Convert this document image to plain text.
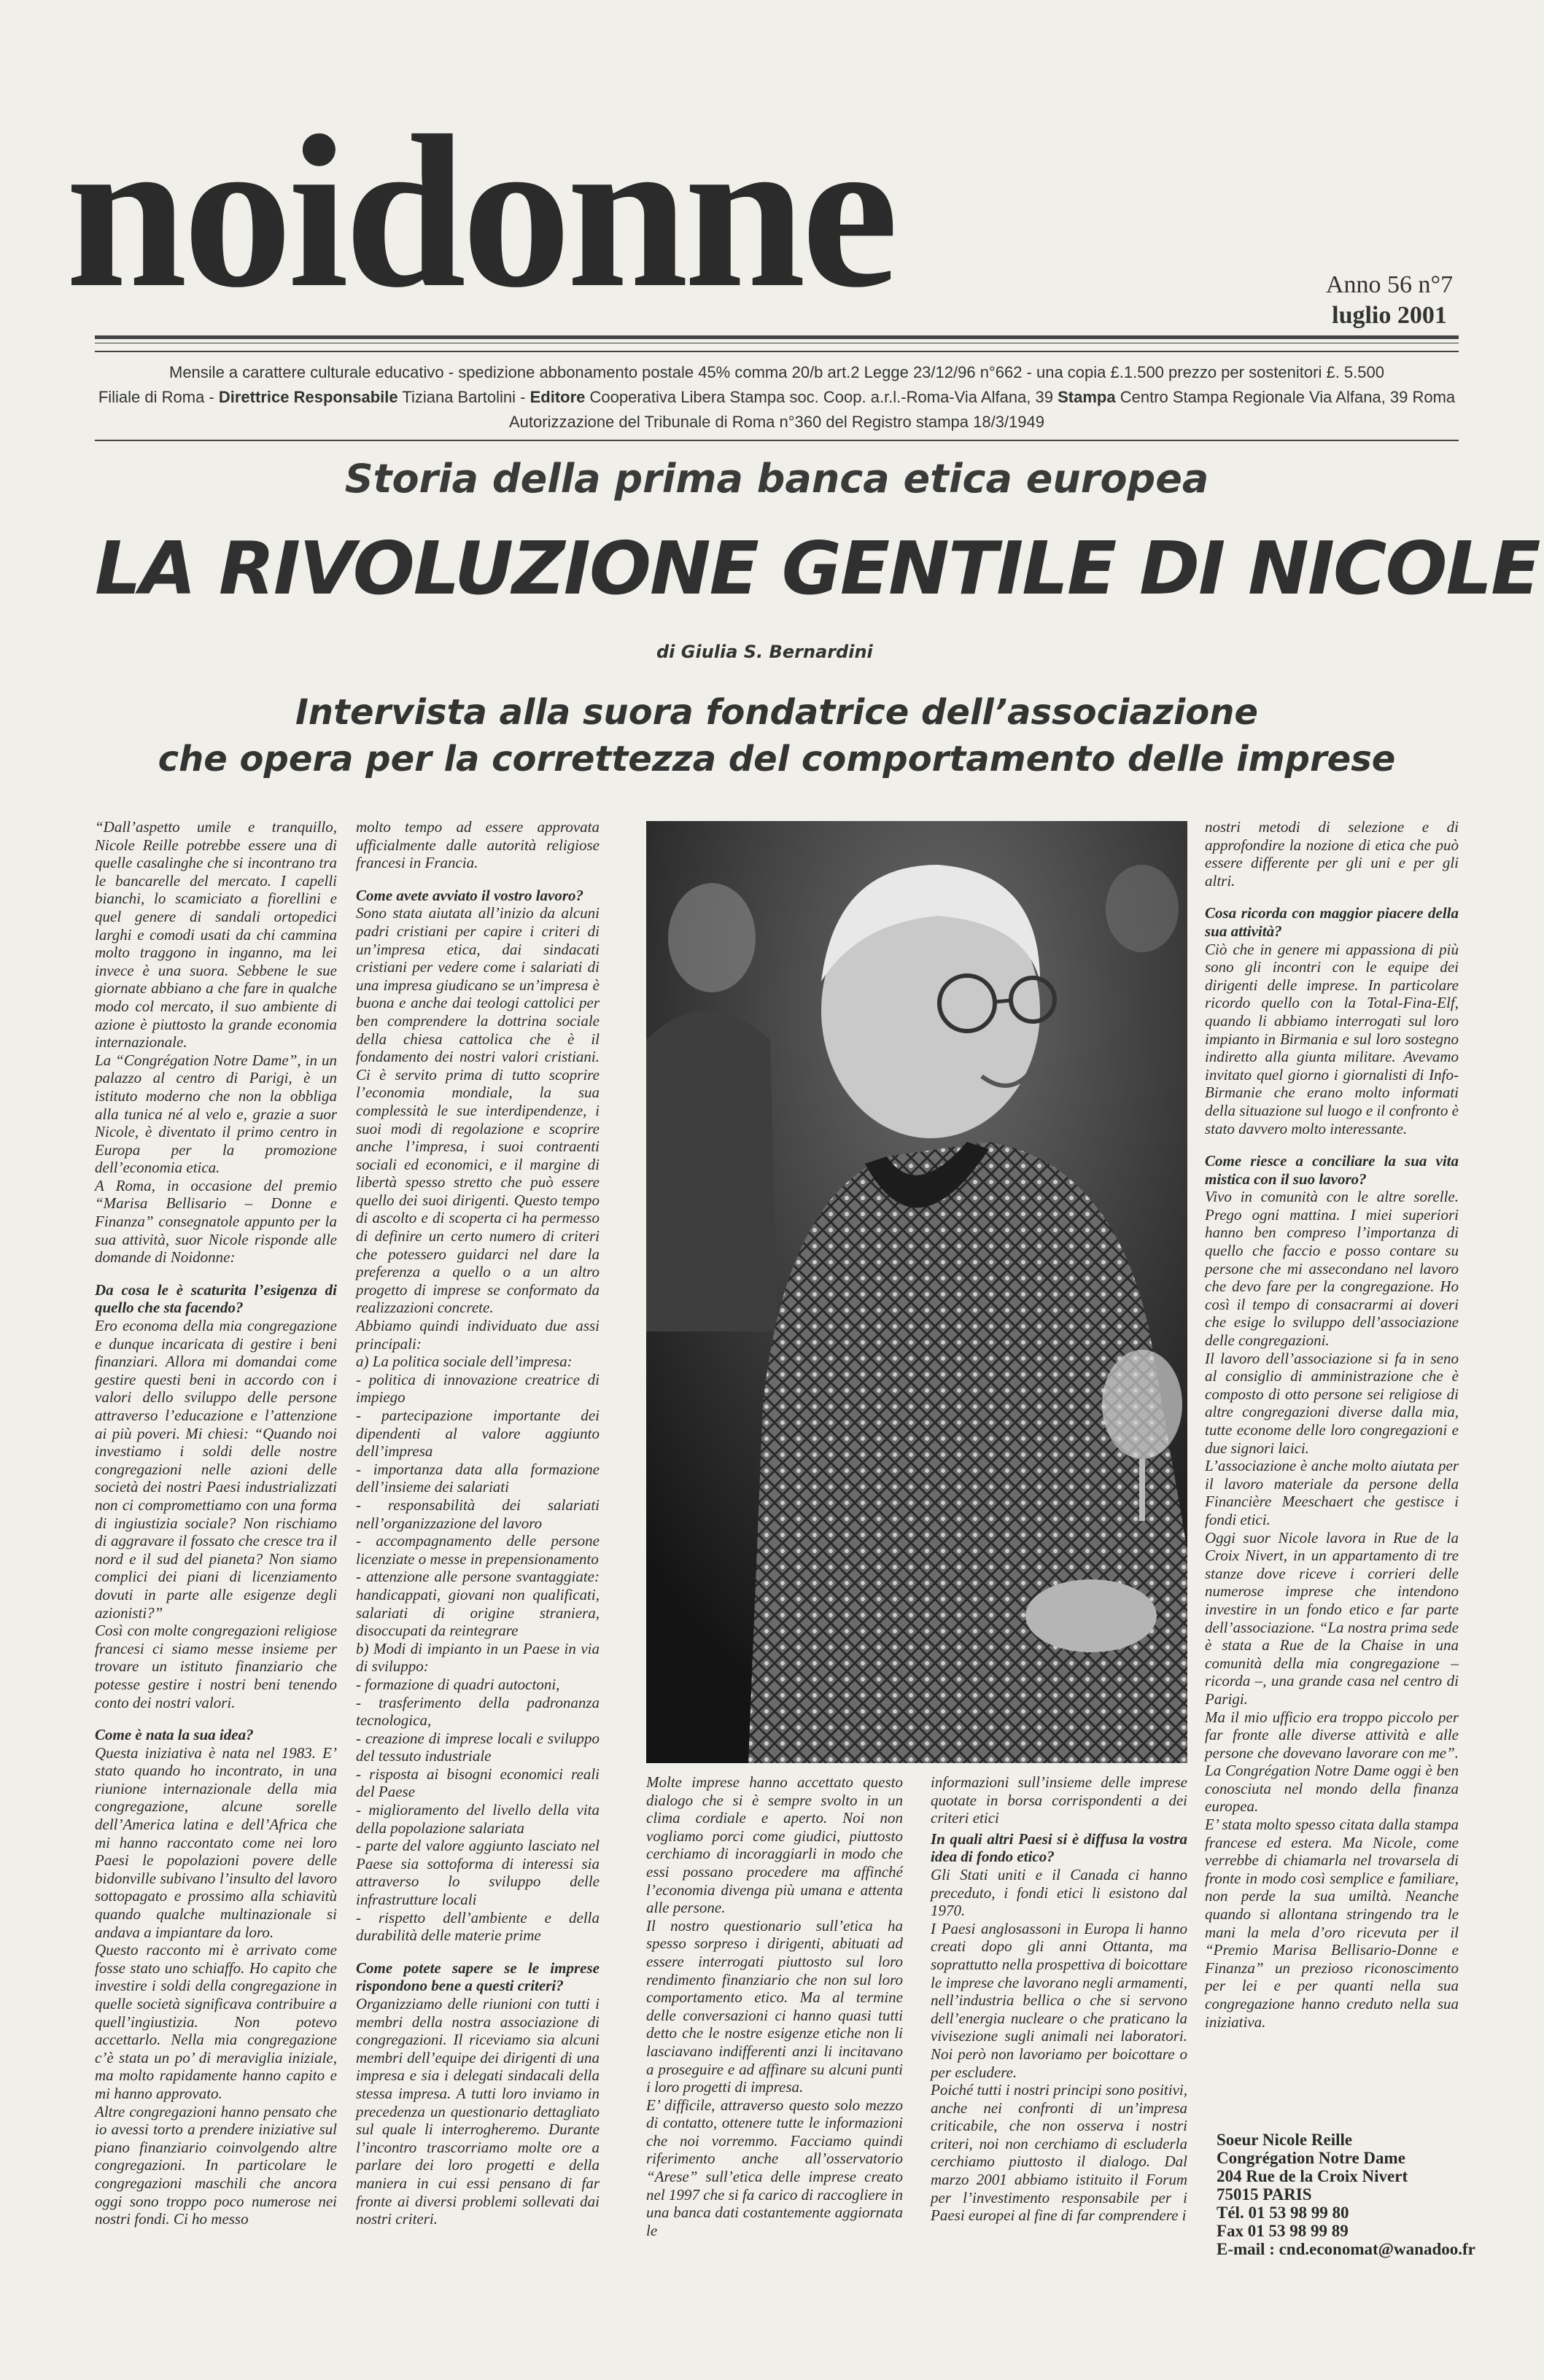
noidonne	Anno 56 n°7
luglio 2001
Mensile a carattere culturale educativo - spedizione abbonamento postale 45% comma 20/b art.2 Legge 23/12/96 n°662 - una copia £.1.500 prezzo per sostenitori £. 5.500
Filiale di Roma - Direttrice Responsabile Tiziana Bartolini - Editore Cooperativa Libera Stampa soc. Coop. a.r.l.-Roma-Via Alfana, 39 Stampa Centro Stampa Regionale Via Alfana, 39 Roma
Autorizzazione del Tribunale di Roma n°360 del Registro stampa 18/3/1949
Storia della prima banca etica europea
LA RIVOLUZIONE GENTILE DI NICOLE
di Giulia S. Bernardini
Intervista alla suora fondatrice dell’associazione
che opera per la correttezza del comportamento delle imprese

“Dall’aspetto umile e tranquillo, Nicole Reille potrebbe essere una di quelle casalinghe che si incontrano tra le bancarelle del mercato. I capelli bianchi, lo scamiciato a fiorellini e quel genere di sandali ortopedici larghi e comodi usati da chi cammina molto traggono in inganno, ma lei invece è una suora. Sebbene le sue giornate abbiano a che fare in qualche modo col mercato, il suo ambiente di azione è piuttosto la grande economia internazionale.

La “Congrégation Notre Dame”, in un palazzo al centro di Parigi, è un istituto moderno che non la obbliga alla tunica né al velo e, grazie a suor Nicole, è diventato il primo centro in Europa per la promozione dell’economia etica.

A Roma, in occasione del premio “Marisa Bellisario – Donne e Finanza” consegnatole appunto per la sua attività, suor Nicole risponde alle domande di Noidonne:

Da cosa le è scaturita l’esigenza di quello che sta facendo?

Ero economa della mia congregazione e dunque incaricata di gestire i beni finanziari. Allora mi domandai come gestire questi beni in accordo con i valori dello sviluppo delle persone attraverso l’educazione e l’attenzione ai più poveri. Mi chiesi: “Quando noi investiamo i soldi delle nostre congregazioni nelle azioni delle società dei nostri Paesi industrializzati non ci compromettiamo con una forma di ingiustizia sociale? Non rischiamo di aggravare il fossato che cresce tra il nord e il sud del pianeta? Non siamo complici dei piani di licenziamento dovuti in parte alle esigenze degli azionisti?”

Così con molte congregazioni religiose francesi ci siamo messe insieme per trovare un istituto finanziario che potesse gestire i nostri beni tenendo conto dei nostri valori.

Come è nata la sua idea?

Questa iniziativa è nata nel 1983. E’ stato quando ho incontrato, in una riunione internazionale della mia congregazione, alcune sorelle dell’America latina e dell’Africa che mi hanno raccontato come nei loro Paesi le popolazioni povere delle bidonville subivano l’insulto del lavoro sottopagato e prossimo alla schiavitù quando qualche multinazionale si andava a impiantare da loro.

Questo racconto mi è arrivato come fosse stato uno schiaffo. Ho capito che investire i soldi della congregazione in quelle società significava contribuire a quell’ingiustizia. Non potevo accettarlo. Nella mia congregazione c’è stata un po’ di meraviglia iniziale, ma molto rapidamente hanno capito e mi hanno approvato.

Altre congregazioni hanno pensato che io avessi torto a prendere iniziative sul piano finanziario coinvolgendo altre congregazioni. In particolare le congregazioni maschili che ancora oggi sono troppo poco numerose nei nostri fondi. Ci ho messo

molto tempo ad essere approvata ufficialmente dalle autorità religiose francesi in Francia.

Come avete avviato il vostro lavoro?

Sono stata aiutata all’inizio da alcuni padri cristiani per capire i criteri di un’impresa etica, dai sindacati cristiani per vedere come i salariati di una impresa giudicano se un’impresa è buona e anche dai teologi cattolici per ben comprendere la dottrina sociale della chiesa cattolica che è il fondamento dei nostri valori cristiani. Ci è servito prima di tutto scoprire l’economia mondiale, la sua complessità le sue interdipendenze, i suoi modi di regolazione e scoprire anche l’impresa, i suoi contraenti sociali ed economici, e il margine di libertà spesso stretto che può essere quello dei suoi dirigenti. Questo tempo di ascolto e di scoperta ci ha permesso di definire un certo numero di criteri che potessero guidarci nel dare la preferenza a quello o a un altro progetto di imprese se conformato da realizzazioni concrete.

Abbiamo quindi individuato due assi principali:

a) La politica sociale dell’impresa:

- politica di innovazione creatrice di impiego

- partecipazione importante dei dipendenti al valore aggiunto dell’impresa

- importanza data alla formazione dell’insieme dei salariati

- responsabilità dei salariati nell’organizzazione del lavoro

- accompagnamento delle persone licenziate o messe in prepensionamento

- attenzione alle persone svantaggiate: handicappati, giovani non qualificati, salariati di origine straniera, disoccupati da reintegrare

b) Modi di impianto in un Paese in via di sviluppo:

- formazione di quadri autoctoni,

- trasferimento della padronanza tecnologica,

- creazione di imprese locali e sviluppo del tessuto industriale

- risposta ai bisogni economici reali del Paese

- miglioramento del livello della vita della popolazione salariata

- parte del valore aggiunto lasciato nel Paese sia sottoforma di interessi sia attraverso lo sviluppo delle infrastrutture locali

- rispetto dell’ambiente e della durabilità delle materie prime

Come potete sapere se le imprese rispondono bene a questi criteri?

Organizziamo delle riunioni con tutti i membri della nostra associazione di congregazioni. Il riceviamo sia alcuni membri dell’equipe dei dirigenti di una impresa e sia i delegati sindacali della stessa impresa. A tutti loro inviamo in precedenza un questionario dettagliato sul quale li interrogheremo. Durante l’incontro trascorriamo molte ore a parlare dei loro progetti e della maniera in cui essi pensano di far fronte ai diversi problemi sollevati dai nostri criteri.

Molte imprese hanno accettato questo dialogo che si è sempre svolto in un clima cordiale e aperto. Noi non vogliamo porci come giudici, piuttosto cerchiamo di incoraggiarli in modo che essi possano procedere ma affinché l’economia divenga più umana e attenta alle persone.

Il nostro questionario sull’etica ha spesso sorpreso i dirigenti, abituati ad essere interrogati piuttosto sul loro rendimento finanziario che non sul loro comportamento etico. Ma al termine delle conversazioni ci hanno quasi tutti detto che le nostre esigenze etiche non li lasciavano indifferenti anzi li incitavano a proseguire e ad affinare su alcuni punti i loro progetti di impresa.

E’ difficile, attraverso questo solo mezzo di contatto, ottenere tutte le informazioni che noi vorremmo. Facciamo quindi riferimento anche all’osservatorio “Arese” sull’etica delle imprese creato nel 1997 che si fa carico di raccogliere in una banca dati costantemente aggiornata le

informazioni sull’insieme delle imprese quotate in borsa corrispondenti a dei criteri etici

In quali altri Paesi si è diffusa la vostra idea di fondo etico?

Gli Stati uniti e il Canada ci hanno preceduto, i fondi etici li esistono dal 1970.

I Paesi anglosassoni in Europa li hanno creati dopo gli anni Ottanta, ma soprattutto nella prospettiva di boicottare le imprese che lavorano negli armamenti, nell’industria bellica o che si servono dell’energia nucleare o che praticano la vivisezione sugli animali nei laboratori. Noi però non lavoriamo per boicottare o per escludere.

Poiché tutti i nostri principi sono positivi, anche nei confronti di un’impresa criticabile, che non osserva i nostri criteri, noi non cerchiamo di escluderla cerchiamo piuttosto il dialogo. Dal marzo 2001 abbiamo istituito il Forum per l’investimento responsabile per i Paesi europei al fine di far comprendere i

nostri metodi di selezione e di approfondire la nozione di etica che può essere differente per gli uni e per gli altri.

Cosa ricorda con maggior piacere della sua attività?

Ciò che in genere mi appassiona di più sono gli incontri con le equipe dei dirigenti delle imprese. In particolare ricordo quello con la Total-Fina-Elf, quando li abbiamo interrogati sul loro impianto in Birmania e sul loro sostegno indiretto alla giunta militare. Avevamo invitato quel giorno i giornalisti di Info-Birmanie che erano molto informati della situazione sul luogo e il confronto è stato davvero molto interessante.

Come riesce a conciliare la sua vita mistica con il suo lavoro?

Vivo in comunità con le altre sorelle. Prego ogni mattina. I miei superiori hanno ben compreso l’importanza di quello che faccio e posso contare su persone che mi assecondano nel lavoro che devo fare per la congregazione. Ho così il tempo di consacrarmi ai doveri che esige lo sviluppo dell’associazione delle congregazioni.

Il lavoro dell’associazione si fa in seno al consiglio di amministrazione che è composto di otto persone sei religiose di altre congregazioni diverse dalla mia, tutte econome delle loro congregazioni e due signori laici.

L’associazione è anche molto aiutata per il lavoro materiale da persone della Financière Meeschaert che gestisce i fondi etici.

Oggi suor Nicole lavora in Rue de la Croix Nivert, in un appartamento di tre stanze dove riceve i corrieri delle numerose imprese che intendono investire in un fondo etico e far parte dell’associazione. “La nostra prima sede è stata a Rue de la Chaise in una comunità della mia congregazione – ricorda –, una grande casa nel centro di Parigi.

Ma il mio ufficio era troppo piccolo per far fronte alle diverse attività e alle persone che dovevano lavorare con me”. La Congrégation Notre Dame oggi è ben conosciuta nel mondo della finanza europea.

E’ stata molto spesso citata dalla stampa francese ed estera. Ma Nicole, come verrebbe di chiamarla nel trovarsela di fronte in modo così semplice e familiare, non perde la sua umiltà. Neanche quando si allontana stringendo tra le mani la mela d’oro ricevuta per il “Premio Marisa Bellisario-Donne e Finanza” un prezioso riconoscimento per lei e per quanti nella sua congregazione hanno creduto nella sua iniziativa.

Soeur Nicole Reille
Congrégation Notre Dame
204 Rue de la Croix Nivert
75015 PARIS
Tél. 01 53 98 99 80
Fax 01 53 98 99 89
E-mail : cnd.economat@wanadoo.fr
